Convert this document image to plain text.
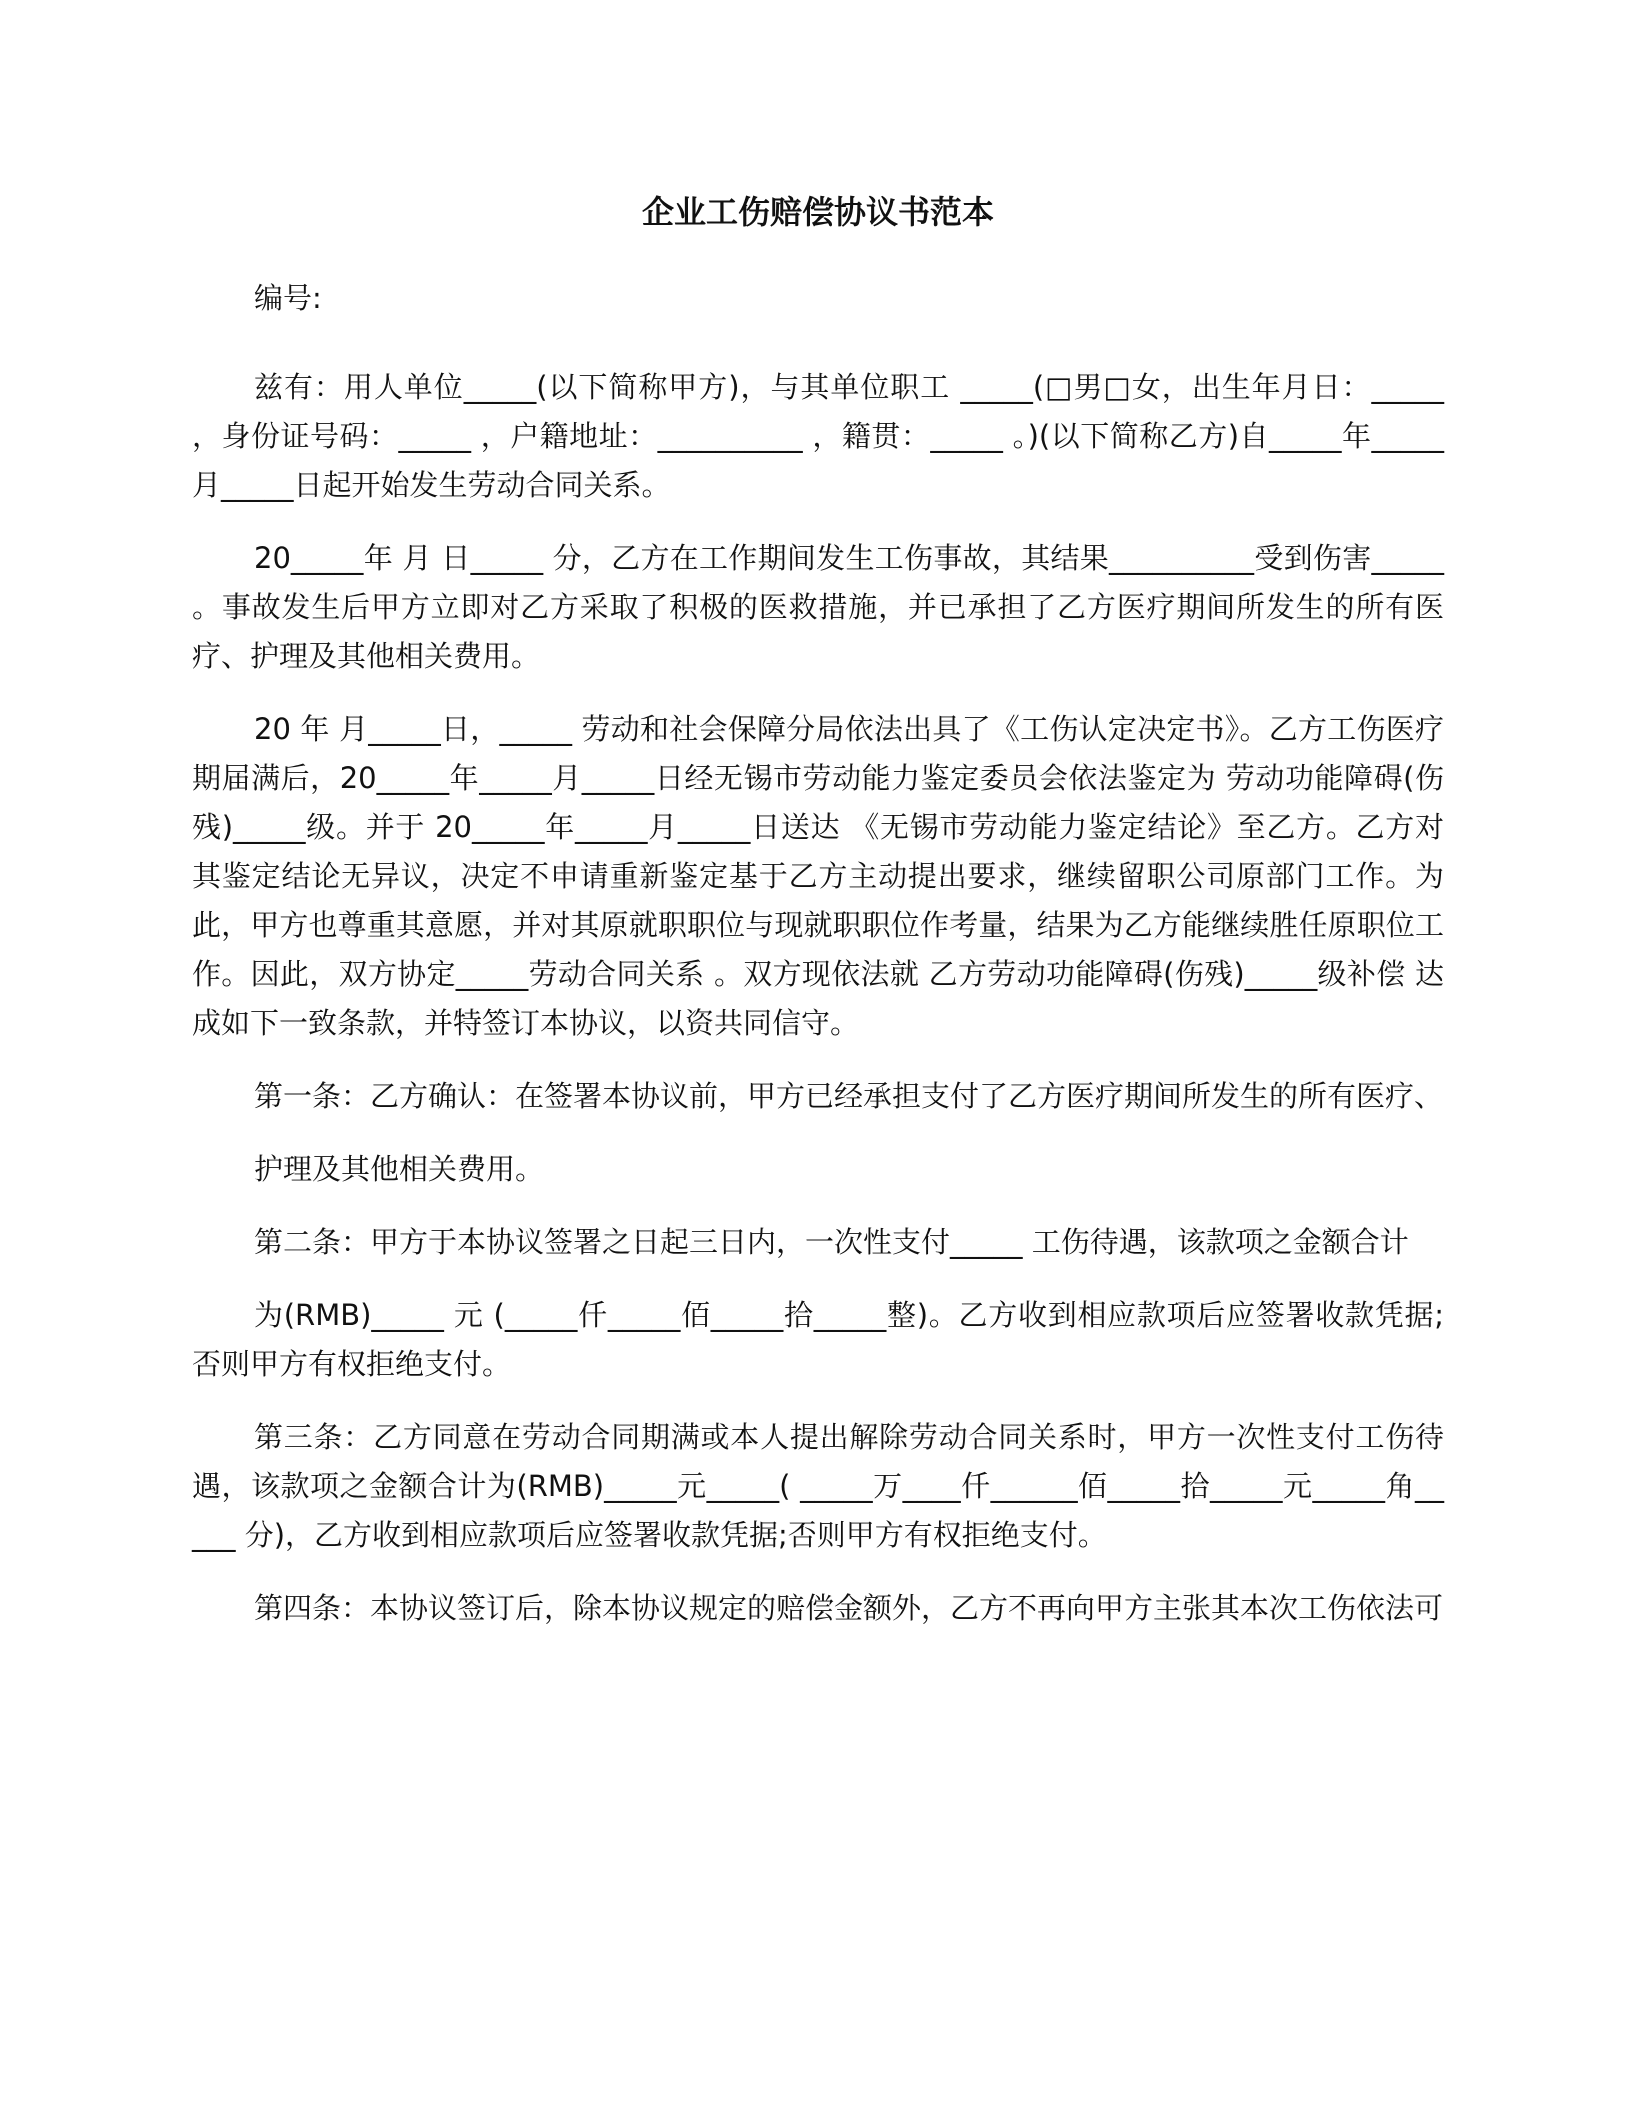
企业工伤赔偿协议书范本

编号:

兹有：用人单位_____(以下简称甲方)，与其单位职工 _____(□男□女，出生年月日：_____ ，身份证号码：_____ ，户籍地址：__________ ，籍贯：_____ 。)(以下简称乙方)自_____年_____月_____日起开始发生劳动合同关系。

20_____年 月 日_____ 分，乙方在工作期间发生工伤事故，其结果__________受到伤害_____ 。事故发生后甲方立即对乙方采取了积极的医救措施，并已承担了乙方医疗期间所发生的所有医疗、护理及其他相关费用。

20 年 月_____日，_____ 劳动和社会保障分局依法出具了《工伤认定决定书》。乙方工伤医疗期届满后，20_____年_____月_____日经无锡市劳动能力鉴定委员会依法鉴定为 劳动功能障碍(伤残)_____级。并于 20_____年_____月_____日送达 《无锡市劳动能力鉴定结论》至乙方。乙方对其鉴定结论无异议，决定不申请重新鉴定基于乙方主动提出要求，继续留职公司原部门工作。为此，甲方也尊重其意愿，并对其原就职职位与现就职职位作考量，结果为乙方能继续胜任原职位工作。因此，双方协定_____劳动合同关系 。双方现依法就 乙方劳动功能障碍(伤残)_____级补偿 达成如下一致条款，并特签订本协议，以资共同信守。

第一条：乙方确认：在签署本协议前，甲方已经承担支付了乙方医疗期间所发生的所有医疗、

护理及其他相关费用。

第二条：甲方于本协议签署之日起三日内，一次性支付_____ 工伤待遇，该款项之金额合计

为(RMB)_____ 元 (_____仟_____佰_____拾_____整)。乙方收到相应款项后应签署收款凭据;否则甲方有权拒绝支付。

第三条：乙方同意在劳动合同期满或本人提出解除劳动合同关系时，甲方一次性支付工伤待遇，该款项之金额合计为(RMB)_____元_____( _____万____仟______佰_____拾_____元_____角_____ 分)，乙方收到相应款项后应签署收款凭据;否则甲方有权拒绝支付。

第四条：本协议签订后，除本协议规定的赔偿金额外，乙方不再向甲方主张其本次工伤依法可
